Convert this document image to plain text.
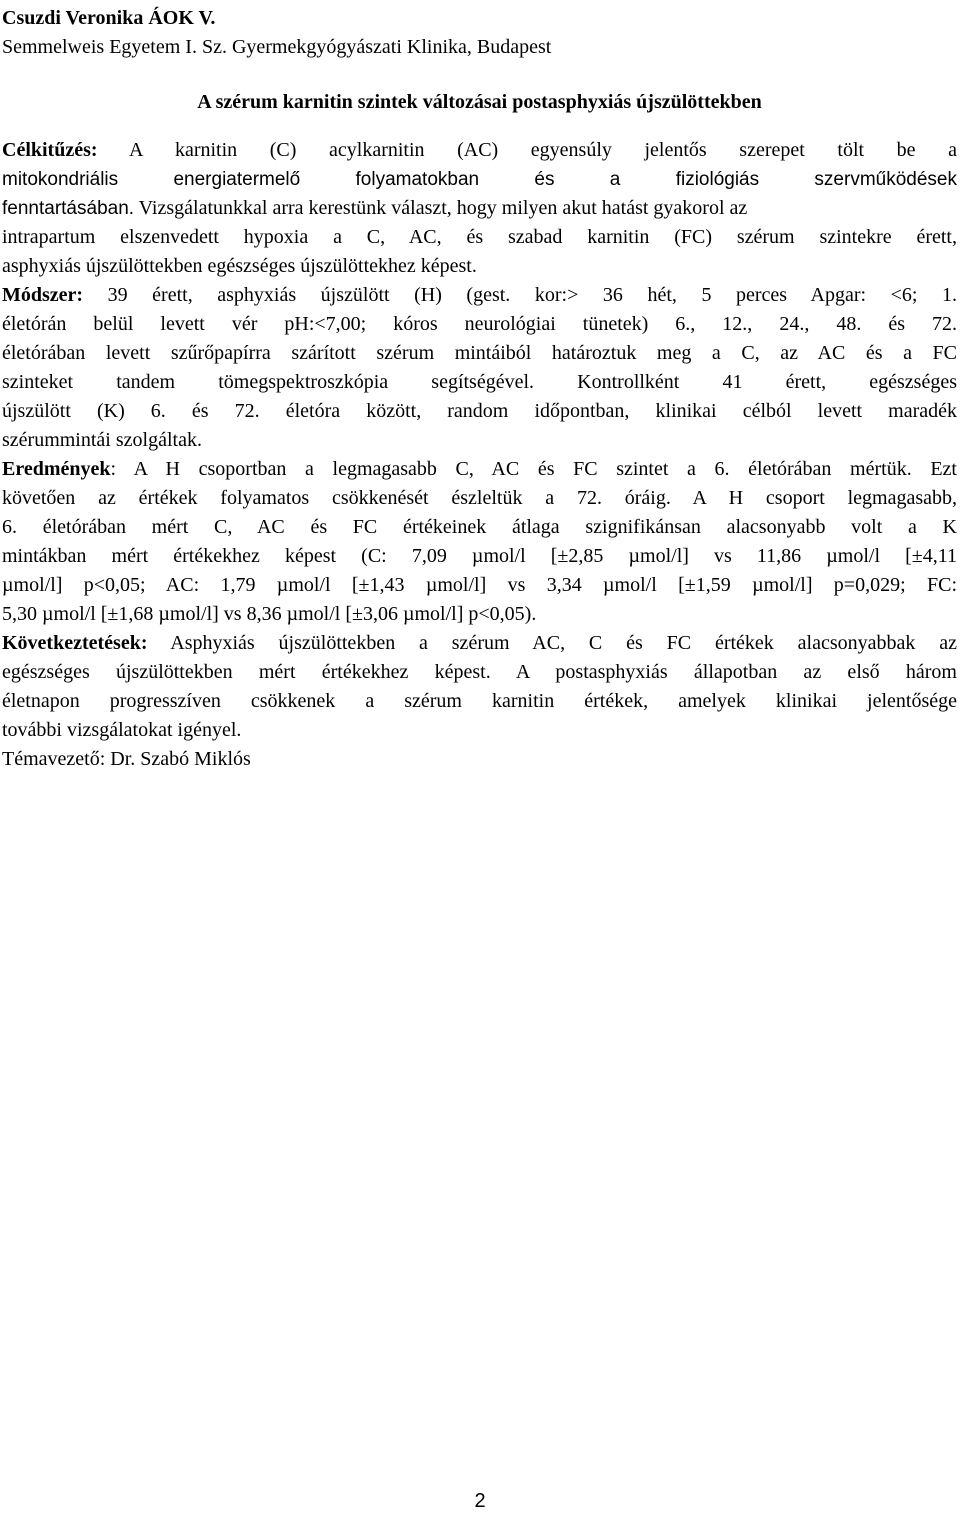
Csuzdi Veronika ÁOK V.
Semmelweis Egyetem I. Sz. Gyermekgyógyászati Klinika, Budapest
A szérum karnitin szintek változásai postasphyxiás újszülöttekben
Célkitűzés: A karnitin (C) acylkarnitin (AC) egyensúly jelentős szerepet tölt be a
mitokondriális energiatermelő folyamatokban és a fiziológiás szervműködések
fenntartásában. Vizsgálatunkkal arra kerestünk választ, hogy milyen akut hatást gyakorol az
intrapartum elszenvedett hypoxia a C, AC, és szabad karnitin (FC) szérum szintekre érett,
asphyxiás újszülöttekben egészséges újszülöttekhez képest.
Módszer: 39 érett, asphyxiás újszülött (H) (gest. kor:> 36 hét, 5 perces Apgar: <6; 1.
életórán belül levett vér pH:<7,00; kóros neurológiai tünetek) 6., 12., 24., 48. és 72.
életórában levett szűrőpapírra szárított szérum mintáiból határoztuk meg a C, az AC és a FC
szinteket tandem tömegspektroszkópia segítségével. Kontrollként 41 érett, egészséges
újszülött (K) 6. és 72. életóra között, random időpontban, klinikai célból levett maradék
szérummintái szolgáltak.
Eredmények: A H csoportban a legmagasabb C, AC és FC szintet a 6. életórában mértük. Ezt
követően az értékek folyamatos csökkenését észleltük a 72. óráig. A H csoport legmagasabb,
6. életórában mért C, AC és FC értékeinek átlaga szignifikánsan alacsonyabb volt a K
mintákban mért értékekhez képest (C: 7,09 µmol/l [±2,85 µmol/l] vs 11,86 µmol/l [±4,11
µmol/l] p<0,05; AC: 1,79 µmol/l [±1,43 µmol/l] vs 3,34 µmol/l [±1,59 µmol/l] p=0,029; FC:
5,30 µmol/l [±1,68 µmol/l] vs 8,36 µmol/l [±3,06 µmol/l] p<0,05).
Következtetések: Asphyxiás újszülöttekben a szérum AC, C és FC értékek alacsonyabbak az
egészséges újszülöttekben mért értékekhez képest. A postasphyxiás állapotban az első három
életnapon progresszíven csökkenek a szérum karnitin értékek, amelyek klinikai jelentősége
további vizsgálatokat igényel.
Témavezető: Dr. Szabó Miklós
2
